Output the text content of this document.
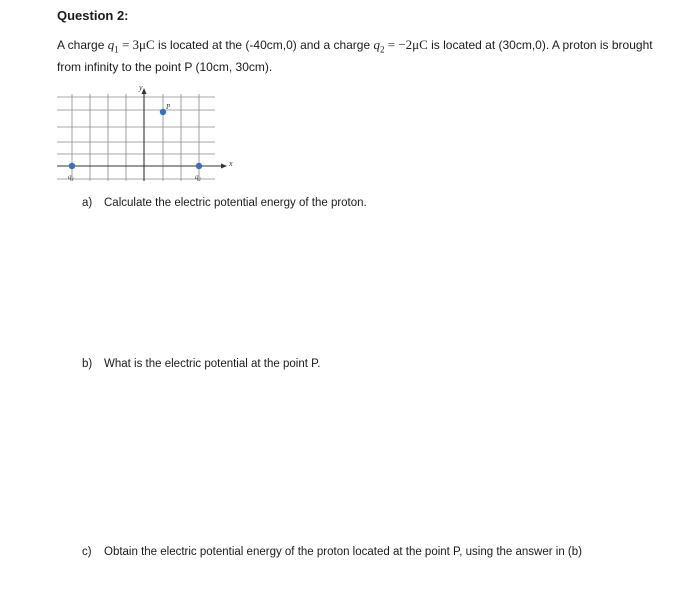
Question 2:
A charge $q_1 = 3\mu C$ is located at the (-40cm,0) and a charge $q_2 = -2\mu C$ is located at (30cm,0). A proton is brought from infinity to the point P (10cm, 30cm).
y
x
P
q₁	q₂
a) Calculate the electric potential energy of the proton.
b) What is the electric potential at the point P.
c) Obtain the electric potential energy of the proton located at the point P, using the answer in (b)
